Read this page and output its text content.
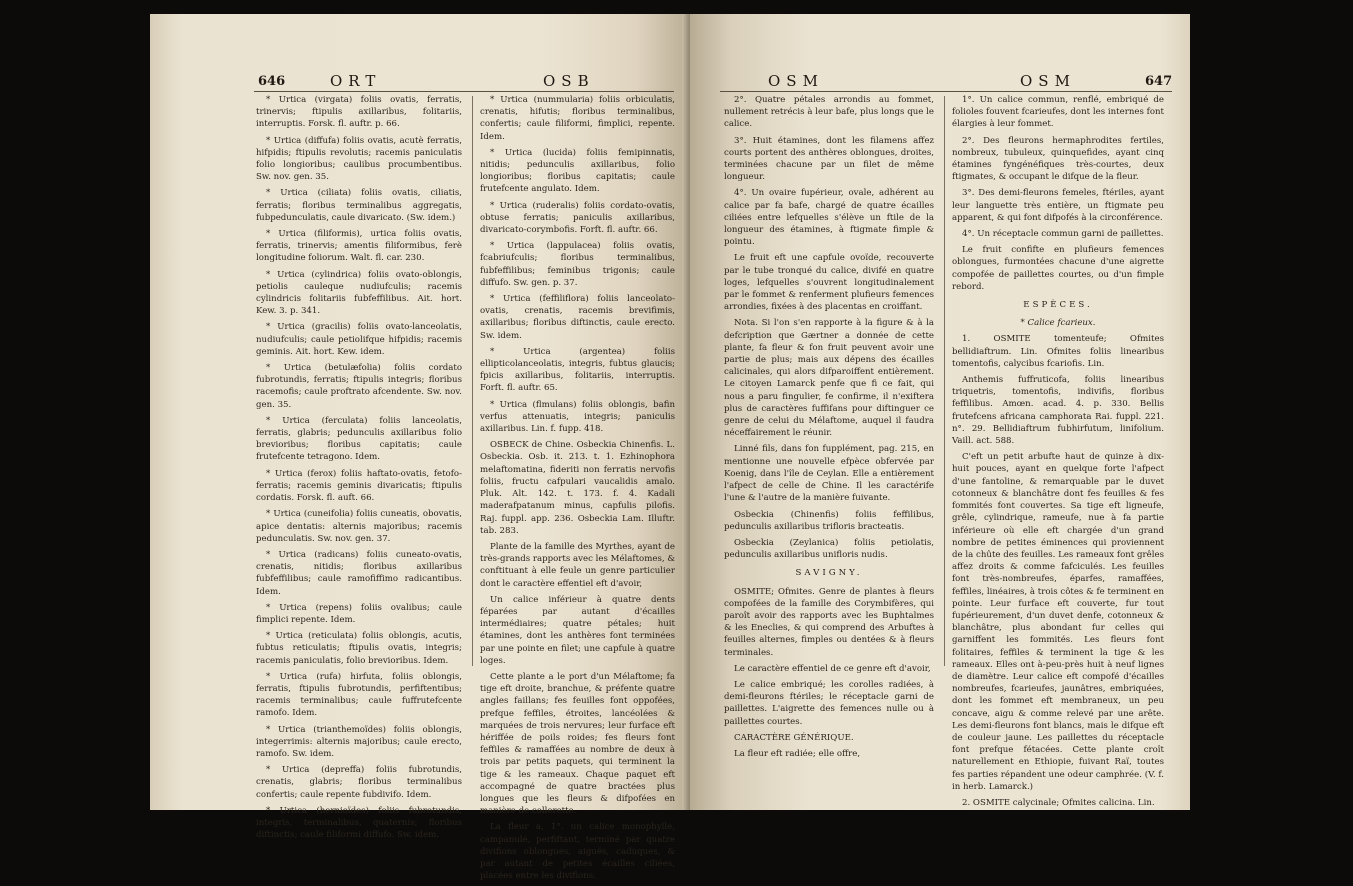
646	ORT	OSB

* Urtica (virgata) foliis ovatis, ferratis, trinervis; ftipulis axillaribus, folitariis, interruptis. Forsk. fl. auftr. p. 66.

* Urtica (diffufa) foliis ovatis, acutè ferratis, hifpidis; ftipulis revolutis; racemis paniculatis folio longioribus; caulibus procumbentibus. Sw. nov. gen. 35.

* Urtica (ciliata) foliis ovatis, ciliatis, ferratis; floribus terminalibus aggregatis, fubpedunculatis, caule divaricato. (Sw. idem.)

* Urtica (filiformis), urtica foliis ovatis, ferratis, trinervis; amentis filiformibus, ferè longitudine foliorum. Walt. fl. car. 230.

* Urtica (cylindrica) foliis ovato-oblongis, petiolis cauleque nudiufculis; racemis cylindricis folitariis fubfeffilibus. Ait. hort. Kew. 3. p. 341.

* Urtica (gracilis) foliis ovato-lanceolatis, nudiufculis; caule petiolifque hifpidis; racemis geminis. Ait. hort. Kew. idem.

* Urtica (betulæfolia) foliis cordato fubrotundis, ferratis; ftipulis integris; floribus racemofis; caule proftrato afcendente. Sw. nov. gen. 35.

* Urtica (ferculata) foliis lanceolatis, ferratis, glabris; pedunculis axillaribus folio brevioribus; floribus capitatis; caule frutefcente tetragono. Idem.

* Urtica (ferox) foliis haftato-ovatis, fetofo-ferratis; racemis geminis divaricatis; ftipulis cordatis. Forsk. fl. auft. 66.

* Urtica (cuneifolia) foliis cuneatis, obovatis, apice dentatis: alternis majoribus; racemis pedunculatis. Sw. nov. gen. 37.

* Urtica (radicans) foliis cuneato-ovatis, crenatis, nitidis; floribus axillaribus fubfeffilibus; caule ramofiffimo radicantibus. Idem.

* Urtica (repens) foliis ovalibus; caule fimplici repente. Idem.

* Urtica (reticulata) foliis oblongis, acutis, fubtus reticulatis; ftipulis ovatis, integris; racemis paniculatis, folio brevioribus. Idem.

* Urtica (rufa) hirfuta, foliis oblongis, ferratis, ftipulis fubrotundis, perfiftentibus; racemis terminalibus; caule fuffrutefcente ramofo. Idem.

* Urtica (trianthemoïdes) foliis oblongis, integerrimis: alternis majoribus; caule erecto, ramofo. Sw. idem.

* Urtica (depreffa) foliis fubrotundis, crenatis, glabris; floribus terminalibus confertis; caule repente fubdivifo. Idem.

* Urtica (hernioïdes) foliis fubrotundis, integris, terminalibus, quaternis; floribus diftinctis; caule filiformi diffufo. Sw. idem.

* Urtica (nummularia) foliis orbiculatis, crenatis, hifutis; floribus terminalibus, confertis; caule filiformi, fimplici, repente. Idem.

* Urtica (lucida) foliis femipinnatis, nitidis; pedunculis axillaribus, folio longioribus; floribus capitatis; caule frutefcente angulato. Idem.

* Urtica (ruderalis) foliis cordato-ovatis, obtuse ferratis; paniculis axillaribus, divaricato-corymbofis. Forft. fl. auftr. 66.

* Urtica (lappulacea) foliis ovatis, fcabriufculis; floribus terminalibus, fubfeffilibus; feminibus trigonis; caule diffufo. Sw. gen. p. 37.

* Urtica (feffiliflora) foliis lanceolato-ovatis, crenatis, racemis brevifimis, axillaribus; floribus diftinctis, caule erecto. Sw. idem.

* Urtica (argentea) foliis ellipticolanceolatis, integris, fubtus glaucis; fpicis axillaribus, folitariis, interruptis. Forft. fl. auftr. 65.

* Urtica (flmulans) foliis oblongis, bafin verfus attenuatis, integris; paniculis axillaribus. Lin. f. fupp. 418.

OSBECK de Chine. Osbeckia Chinenfis. L. Osbeckia. Osb. it. 213. t. 1. Ezhinophora melaftomatina, fideriti non ferratis nervofis foliis, fructu cafpulari vaucalidis amalo. Pluk. Alt. 142. t. 173. f. 4. Kadali maderafpatanum minus, capfulis pilofis. Raj. fuppl. app. 236. Osbeckia Lam. Illuftr. tab. 283.

Plante de la famille des Myrthes, ayant de très-grands rapports avec les Mélaftomes, & conftituant à elle feule un genre particulier dont le caractère effentiel eft d'avoir,

Un calice inférieur à quatre dents féparées par autant d'écailles intermédiaires; quatre pétales; huit étamines, dont les anthères font terminées par une pointe en filet; une capfule à quatre loges.

Cette plante a le port d'un Mélaftome; fa tige eft droite, branchue, & préfente quatre angles faillans; fes feuilles font oppofées, prefque feffiles, étroites, lancéolées & marquées de trois nervures; leur furface eft hériffée de poils roides; fes fleurs font feffiles & ramaffées au nombre de deux à trois par petits paquets, qui terminent la tige & les rameaux. Chaque paquet eft accompagné de quatre bractées plus longues que les fleurs & difpofées en manière de collerette.

La fleur a, 1°. un calice monophylle, campanulé, perfiftant, terminé par quatre divifions oblongues, aiguës, caduques, & par autant de petites écailles ciliées, placées entre les divifions.

OSM	OSM	647

2°. Quatre pétales arrondis au fommet, nullement retrécis à leur bafe, plus longs que le calice.

3°. Huit étamines, dont les filamens affez courts portent des anthères oblongues, droites, terminées chacune par un filet de même longueur.

4°. Un ovaire fupérieur, ovale, adhérent au calice par fa bafe, chargé de quatre écailles ciliées entre lefquelles s'élève un ftile de la longueur des étamines, à ftigmate fimple & pointu.

Le fruit eft une capfule ovoïde, recouverte par le tube tronqué du calice, divifé en quatre loges, lefquelles s'ouvrent longitudinalement par le fommet & renferment plufieurs femences arrondies, fixées à des placentas en croiffant.

Nota. Si l'on s'en rapporte à la figure & à la defcription que Gærtner a donnée de cette plante, fa fleur & fon fruit peuvent avoir une partie de plus; mais aux dépens des écailles calicinales, qui alors difparoiffent entièrement. Le citoyen Lamarck penfe que fi ce fait, qui nous a paru fingulier, fe confirme, il n'exiftera plus de caractères fuffifans pour diftinguer ce genre de celui du Mélaftome, auquel il faudra néceffairement le réunir.

Linné fils, dans fon fupplément, pag. 215, en mentionne une nouvelle efpèce obfervée par Koenig, dans l'île de Ceylan. Elle a entièrement l'afpect de celle de Chine. Il les caractérife l'une & l'autre de la manière fuivante.

Osbeckia (Chinenfis) foliis feffilibus, pedunculis axillaribus trifloris bracteatis.

Osbeckia (Zeylanica) foliis petiolatis, pedunculis axillaribus unifloris nudis.

SAVIGNY.

OSMITE; Ofmites. Genre de plantes à fleurs compofées de la famille des Corymbifères, qui paroît avoir des rapports avec les Buphtalmes & les Eneclies, & qui comprend des Arbuftes à feuilles alternes, fimples ou dentées & à fleurs terminales.

Le caractère effentiel de ce genre eft d'avoir,

Le calice embriqué; les corolles radiées, à demi-fleurons ftériles; le réceptacle garni de paillettes. L'aigrette des femences nulle ou à paillettes courtes.

CARACTÈRE GÉNÉRIQUE.

La fleur eft radiée; elle offre,

1°. Un calice commun, renflé, embriqué de folioles fouvent fcarieufes, dont les internes font élargies à leur fommet.

2°. Des fleurons hermaphrodites fertiles, nombreux, tubuleux, quinquefides, ayant cinq étamines fyngénéfiques très-courtes, deux ftigmates, & occupant le difque de la fleur.

3°. Des demi-fleurons femeles, ftériles, ayant leur languette très entière, un ftigmate peu apparent, & qui font difpofés à la circonférence.

4°. Un réceptacle commun garni de paillettes.

Le fruit confifte en plufieurs femences oblongues, furmontées chacune d'une aigrette compofée de paillettes courtes, ou d'un fimple rebord.

ESPÈCES.

* Calice fcarieux.

1. OSMITE tomenteufe; Ofmites bellidiaftrum. Lin. Ofmites foliis linearibus tomentofis, calycibus fcariofis. Lin.

Anthemis fuffruticofa, foliis linearibus triquetris, tomentofis, indivifis, floribus feffilibus. Amœn. acad. 4. p. 330. Bellis frutefcens africana camphorata Rai. fuppl. 221. n°. 29. Bellidiaftrum fubhirfutum, linifolium. Vaill. act. 588.

C'eft un petit arbufte haut de quinze à dix-huit pouces, ayant en quelque forte l'afpect d'une fantoline, & remarquable par le duvet cotonneux & blanchâtre dont fes feuilles & fes fommités font couvertes. Sa tige eft ligneufe, grêle, cylindrique, rameufe, nue à fa partie inférieure où elle eft chargée d'un grand nombre de petites éminences qui proviennent de la chûte des feuilles. Les rameaux font grêles affez droits & comme fafciculés. Les feuilles font très-nombreufes, éparfes, ramaffées, feffiles, linéaires, à trois côtes & fe terminent en pointe. Leur furface eft couverte, fur tout fupérieurement, d'un duvet denfe, cotonneux & blanchâtre, plus abondant fur celles qui garniffent les fommités. Les fleurs font folitaires, feffiles & terminent la tige & les rameaux. Elles ont à-peu-près huit à neuf lignes de diamètre. Leur calice eft compofé d'écailles nombreufes, fcarieufes, jaunâtres, embriquées, dont les fommet eft membraneux, un peu concave, aigu & comme relevé par une arête. Les demi-fleurons font blancs, mais le difque eft de couleur jaune. Les paillettes du réceptacle font prefque fétacées. Cette plante croît naturellement en Ethiopie, fuivant Raï, toutes fes parties répandent une odeur camphrée. (V. f. in herb. Lamarck.)

2. OSMITE calycinale; Ofmites calicina. Lin.
